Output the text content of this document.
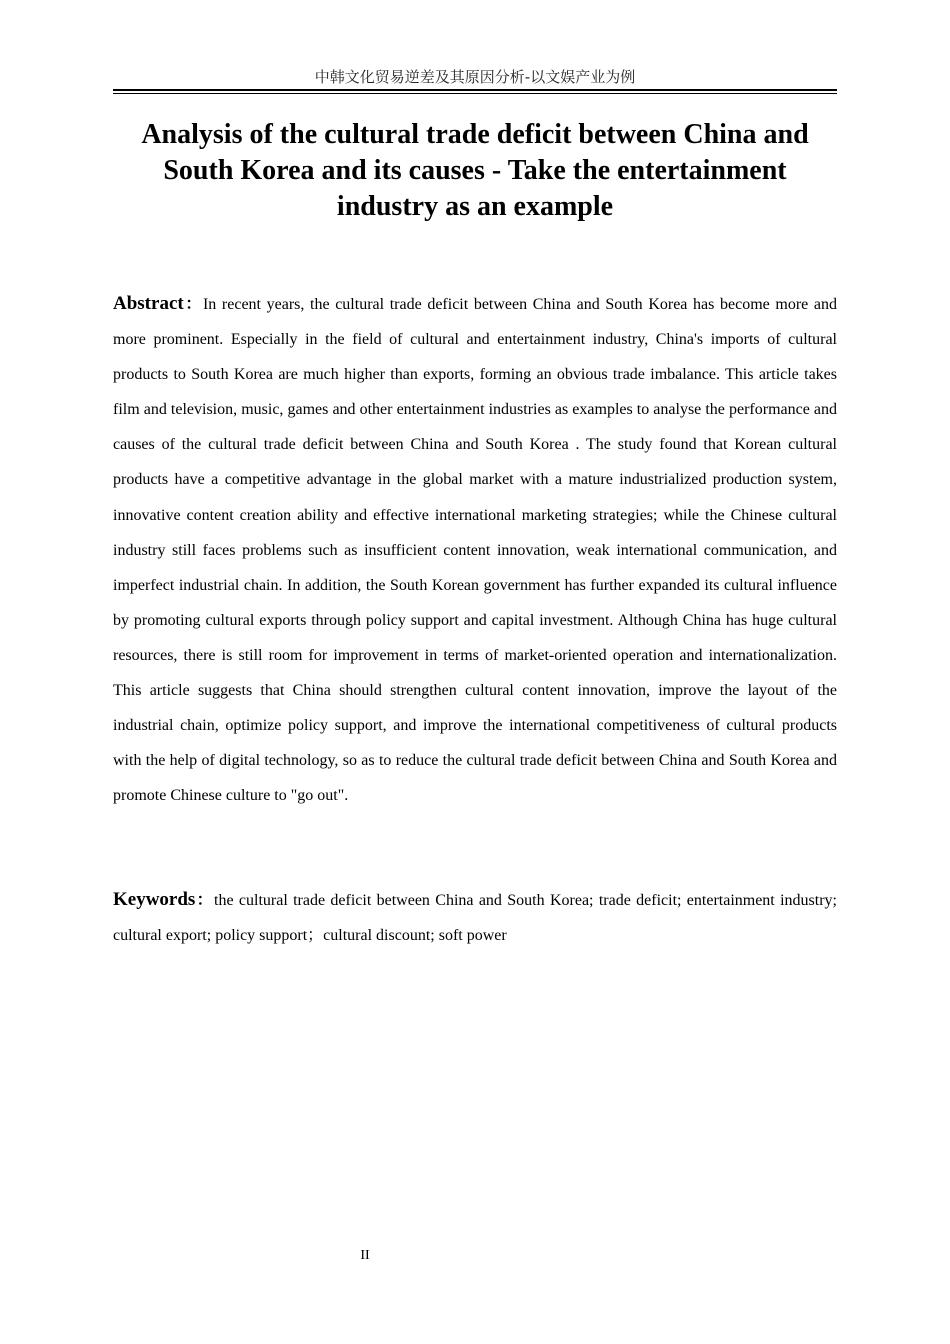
中韩文化贸易逆差及其原因分析-以文娱产业为例
Analysis of the cultural trade deficit between China and South Korea and its causes - Take the entertainment industry as an example

Abstract：In recent years, the cultural trade deficit between China and South Korea has become more and more prominent. Especially in the field of cultural and entertainment industry, China's imports of cultural products to South Korea are much higher than exports, forming an obvious trade imbalance. This article takes film and television, music, games and other entertainment industries as examples to analyse the performance and causes of the cultural trade deficit between China and South Korea . The study found that Korean cultural products have a competitive advantage in the global market with a mature industrialized production system, innovative content creation ability and effective international marketing strategies; while the Chinese cultural industry still faces problems such as insufficient content innovation, weak international communication, and imperfect industrial chain. In addition, the South Korean government has further expanded its cultural influence by promoting cultural exports through policy support and capital investment. Although China has huge cultural resources, there is still room for improvement in terms of market-oriented operation and internationalization. This article suggests that China should strengthen cultural content innovation, improve the layout of the industrial chain, optimize policy support, and improve the international competitiveness of cultural products with the help of digital technology, so as to reduce the cultural trade deficit between China and South Korea and promote Chinese culture to "go out".

Keywords：the cultural trade deficit between China and South Korea; trade deficit; entertainment industry; cultural export; policy support；cultural discount; soft power

II
